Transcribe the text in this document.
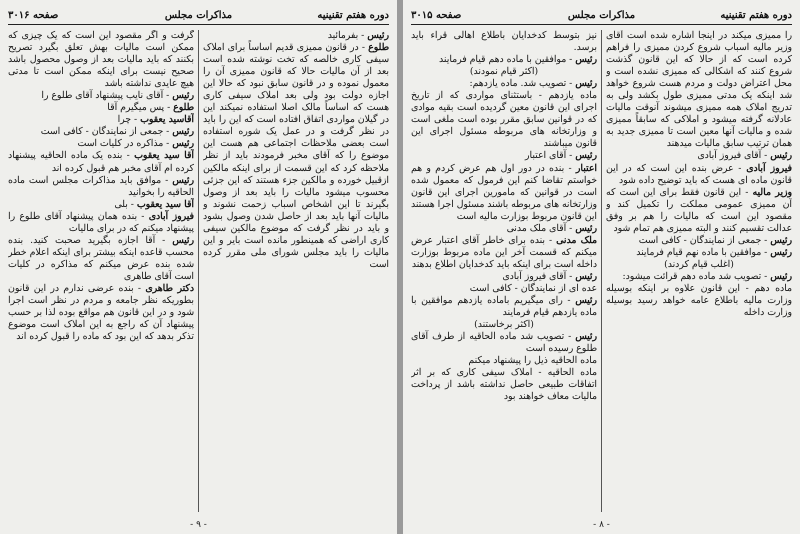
دوره هفتم تقنینیه
مذاکرات مجلس
صفحه ۳۰۱۶

رئیس - بفرمائید

طلوع - در قانون ممیزی قدیم اساساً برای املاک سیفی کاری خالصه که تخت نوشته شده است بعد از آن مالیات حالا که قانون ممیزی آن را معمول نموده و در قانون سابق نبود که حالا این اجازه دولت بود ولی بعد املاک سیفی کاری هست که اساساً مالک اصلا استفاده نمیکند این در گیلان مواردی اتفاق افتاده است که این را باید در نظر گرفت و در عمل یک شوره استفاده است بعضی ملاحظات اجتماعی هم هست این موضوع را که آقای مخبر فرمودند باید از نظر ملاحظه کرد که این قسمت از برای اینکه مالکین ازقبیل خورده و مالکین جزء هستند که این جزئی محسوب میشود مالیات را باید بعد از وصول بگیرند تا این اشخاص اسباب زحمت نشوند و مالیات آنها باید بعد از حاصل شدن وصول بشود و باید در نظر گرفت که موضوع مالکین سیفی کاری اراضی که همینطور مانده است بایر و این مالیات را باید مجلس شورای ملی مقرر کرده است

گرفت و اگر مقصود این است که یک چیزی که ممکن است مالیات بهش تعلق بگیرد تصریح بکنند که باید مالیات بعد از وصول محصول باشد صحیح نیست برای اینکه ممکن است تا مدتی هیچ عایدی نداشته باشد

رئیس - آقای نایب پیشنهاد آقای طلوع را

طلوع - پس میگیرم آقا

آقاسید یعقوب - چرا

رئیس - جمعی از نمایندگان - کافی است

رئیس - مذاکره در کلیات است

آقا سید یعقوب - بنده یک ماده الحاقیه پیشنهاد کرده ام آقای مخبر هم قبول کرده اند

رئیس - موافق باید مذاکرات مجلس است ماده الحاقیه را بخوانید

آقا سید یعقوب - بلی

فیروز آبادی - بنده همان پیشنهاد آقای طلوع را پیشنهاد میکنم که در برای مالیات

رئیس - آقا اجازه بگیرید صحبت کنید. بنده محسب قاعده اینکه بیشتر برای اینکه اعلام خطر شده بنده عرض میکنم که مذاکره در کلیات است آقای طاهری

دکتر طاهری - بنده عرضی ندارم در این قانون بطوریکه نظر جامعه و مردم در نظر است اجرا شود و در این قانون هم مواقع بوده لذا بر حسب پیشنهاد آن که راجع به این املاک است موضوع تذکر بدهد که این بود که ماده را قبول کرده اند

- ۹ -
دوره هفتم تقنینیه
مذاکرات مجلس
صفحه ۳۰۱۵

را ممیزی میکند در اینجا اشاره شده است آقای وزیر مالیه اسباب شروع کردن ممیزی را فراهم کرده است که از حالا که این قانون گذشت شروع کنند که اشکالی که ممیزی نشده است و محل اعتراض دولت و مردم هست شروع خواهد شد اینکه یک مدتی ممیزی طول بکشد ولی به تدریج املاک همه ممیزی میشوند آنوقت مالیات عادلانه گرفته میشود و املاکی که سابقاً ممیزی شده و مالیات آنها معین است تا ممیزی جدید به همان ترتیب سابق مالیات میدهند

رئیس - آقای فیروز آبادی

فیروز آبادی - عرض بنده این است که در این قانون ماده ای هست که باید توضیح داده شود

وزیر مالیه - این قانون فقط برای این است که آن ممیزی عمومی مملکت را تکمیل کند و مقصود این است که مالیات را هم بر وفق عدالت تقسیم کنند و البته ممیزی هم تمام شود

رئیس - جمعی از نمایندگان - کافی است

رئیس - موافقین با ماده نهم قیام فرمایند

(اغلب قیام کردند)

رئیس - تصویب شد ماده دهم قرائت میشود:

ماده دهم - این قانون علاوه بر اینکه بوسیله وزارت مالیه باطلاع عامه خواهد رسید بوسیله وزارت داخله

نیز بتوسط کدخدایان باطلاع اهالی قراء باید برسد.

رئیس - موافقین با ماده دهم قیام فرمایند

(اکثر قیام نمودند)

رئیس - تصویب شد. ماده یازدهم:

ماده یازدهم - باستثنای مواردی که از تاریخ اجرای این قانون معین گردیده است بقیه موادی که در قوانین سابق مقرر بوده است ملغی است و وزارتخانه های مربوطه مسئول اجرای این قانون میباشند

رئیس - آقای اعتبار

اعتبار - بنده در دور اول هم عرض کردم و هم خواستم تقاضا کنم این فرمول که معمول شده است در قوانین که مامورین اجرای این قانون وزارتخانه های مربوطه باشند مسئول اجرا هستند این قانون مربوط بوزارت مالیه است

رئیس - آقای ملک مدنی

ملک مدنی - بنده برای خاطر آقای اعتبار عرض میکنم که قسمت آخر این ماده مربوط بوزارت داخله است برای اینکه باید کدخدایان اطلاع بدهند

رئیس - آقای فیروز آبادی

عده ای از نمایندگان - کافی است

رئیس - رای میگیریم باماده یازدهم موافقین با ماده یازدهم قیام فرمایند

(اکثر برخاستند)

رئیس - تصویب شد ماده الحاقیه از طرف آقای طلوع رسیده است

ماده الحاقیه ذیل را پیشنهاد میکنم

ماده الحاقیه - املاک سیفی کاری که بر اثر اتفاقات طبیعی حاصل نداشته باشد از پرداخت مالیات معاف خواهند بود

- ۸ -
